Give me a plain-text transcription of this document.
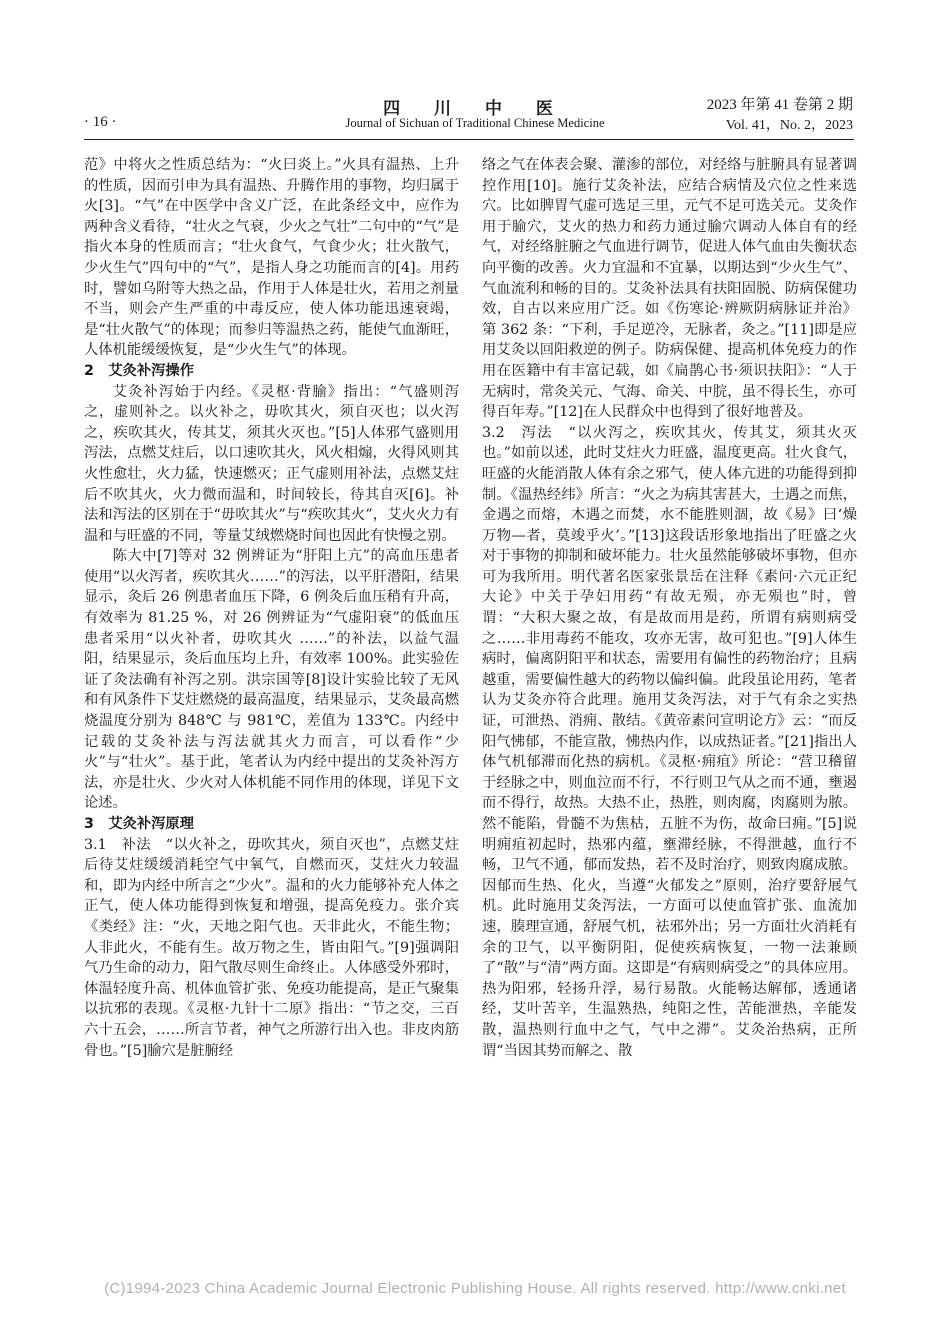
四 川 中 医
Journal of Sichuan of Traditional Chinese Medicine
· 16 ·
2023 年第 41 卷第 2 期
Vol. 41，No. 2，2023

范》中将火之性质总结为：“火曰炎上。”火具有温热、上升的性质，因而引申为具有温热、升腾作用的事物，均归属于火[3]。“气”在中医学中含义广泛，在此条经文中，应作为两种含义看待，“壮火之气衰，少火之气壮”二句中的“气”是指火本身的性质而言；“壮火食气，气食少火；壮火散气，少火生气”四句中的“气”，是指人身之功能而言的[4]。用药时，譬如乌附等大热之品，作用于人体是壮火，若用之剂量不当，则会产生严重的中毒反应，使人体功能迅速衰竭，是“壮火散气”的体现；而参归等温热之药，能使气血渐旺，人体机能缓缓恢复，是“少火生气”的体现。

2　艾灸补泻操作

艾灸补泻始于内经。《灵枢·背腧》指出：“气盛则泻之，虚则补之。以火补之，毋吹其火，须自灭也；以火泻之，疾吹其火，传其艾，须其火灭也。”[5]人体邪气盛则用泻法，点燃艾炷后，以口速吹其火，风火相煽，火得风则其火性愈壮，火力猛，快速燃灭；正气虚则用补法，点燃艾炷后不吹其火，火力微而温和，时间较长，待其自灭[6]。补法和泻法的区别在于“毋吹其火”与“疾吹其火”，艾火火力有温和与旺盛的不同，等量艾绒燃烧时间也因此有快慢之别。

陈大中[7]等对 32 例辨证为“肝阳上亢”的高血压患者使用“以火泻者，疾吹其火……”的泻法，以平肝潜阳，结果显示，灸后 26 例患者血压下降，6 例灸后血压稍有升高，有效率为 81.25 %，对 26 例辨证为“气虚阳衰”的低血压患者采用“以火补者，毋吹其火 ……”的补法，以益气温阳，结果显示，灸后血压均上升，有效率 100%。此实验佐证了灸法确有补泻之别。洪宗国等[8]设计实验比较了无风和有风条件下艾炷燃烧的最高温度，结果显示，艾灸最高燃烧温度分别为 848℃ 与 981℃，差值为 133℃。内经中记载的艾灸补法与泻法就其火力而言，可以看作“少火”与“壮火”。基于此，笔者认为内经中提出的艾灸补泻方法，亦是壮火、少火对人体机能不同作用的体现，详见下文论述。

3　艾灸补泻原理

3.1　补法　 “以火补之，毋吹其火，须自灭也”，点燃艾炷后待艾炷缓缓消耗空气中氧气，自燃而灭，艾炷火力较温和，即为内经中所言之“少火”。温和的火力能够补充人体之正气，使人体功能得到恢复和增强，提高免疫力。张介宾《类经》注：“火，天地之阳气也。天非此火，不能生物；人非此火，不能有生。故万物之生，皆由阳气。”[9]强调阳气乃生命的动力，阳气散尽则生命终止。人体感受外邪时，体温轻度升高、机体血管扩张、免疫功能提高，是正气聚集以抗邪的表现。《灵枢·九针十二原》指出：“节之交，三百六十五会，……所言节者，神气之所游行出入也。非皮肉筋骨也。”[5]腧穴是脏腑经

络之气在体表会聚、灌渗的部位，对经络与脏腑具有显著调控作用[10]。施行艾灸补法，应结合病情及穴位之性来选穴。比如脾胃气虚可选足三里，元气不足可选关元。艾灸作用于腧穴，艾火的热力和药力通过腧穴调动人体自有的经气，对经络脏腑之气血进行调节，促进人体气血由失衡状态向平衡的改善。火力宜温和不宜暴，以期达到“少火生气”、气血流利和畅的目的。艾灸补法具有扶阳固脱、防病保健功效，自古以来应用广泛。如《伤寒论·辨厥阴病脉证并治》第 362 条：“下利，手足逆冷，无脉者，灸之。”[11]即是应用艾灸以回阳救逆的例子。防病保健、提高机体免疫力的作用在医籍中有丰富记载，如《扁鹊心书·须识扶阳》：“人于无病时，常灸关元、气海、命关、中脘，虽不得长生，亦可得百年寿。”[12]在人民群众中也得到了很好地普及。

3.2　泻法　 “以火泻之，疾吹其火，传其艾，须其火灭也。”如前以述，此时艾炷火力旺盛，温度更高。壮火食气，旺盛的火能消散人体有余之邪气，使人体亢进的功能得到抑制。《温热经纬》所言：“火之为病其害甚大，土遇之而焦，金遇之而熔，木遇之而焚，水不能胜则涸，故《易》曰‘燥万物—者，莫竣乎火’。”[13]这段话形象地指出了旺盛之火对于事物的抑制和破坏能力。壮火虽然能够破坏事物，但亦可为我所用。明代著名医家张景岳在注释《素问·六元正纪大论》中关于孕妇用药“有故无殒，亦无殒也”时，曾谓：“大积大聚之故，有是故而用是药，所谓有病则病受之……非用毒药不能攻，攻亦无害，故可犯也。”[9]人体生病时，偏离阴阳平和状态，需要用有偏性的药物治疗；且病越重，需要偏性越大的药物以偏纠偏。此段虽论用药，笔者认为艾灸亦符合此理。施用艾灸泻法，对于气有余之实热证，可泄热、消痈、散结。《黄帝素问宣明论方》云：“而反阳气怫郁，不能宣散，怫热内作，以成热证者。”[21]指出人体气机郁滞而化热的病机。《灵枢·痈疽》所论：“营卫稽留于经脉之中，则血泣而不行，不行则卫气从之而不通，壅遏而不得行，故热。大热不止，热胜，则肉腐，肉腐则为脓。然不能陷，骨髓不为焦枯，五脏不为伤，故命曰痈。”[5]说明痈疽初起时，热邪内蕴，壅滞经脉，不得泄越，血行不畅，卫气不通，郁而发热，若不及时治疗，则致肉腐成脓。因郁而生热、化火，当遵“火郁发之”原则，治疗要舒展气机。此时施用艾灸泻法，一方面可以使血管扩张、血流加速，腠理宣通，舒展气机，祛邪外出；另一方面壮火消耗有余的卫气，以平衡阴阳，促使疾病恢复，一物一法兼顾了“散”与“清”两方面。这即是“有病则病受之”的具体应用。热为阳邪，轻扬升浮，易行易散。火能畅达解郁，透通诸经，艾叶苦辛，生温熟热，纯阳之性，苦能泄热，辛能发散，温热则行血中之气，气中之滞”。艾灸治热病，正所谓“当因其势而解之、散

(C)1994-2023 China Academic Journal Electronic Publishing House. All rights reserved. http://www.cnki.net
